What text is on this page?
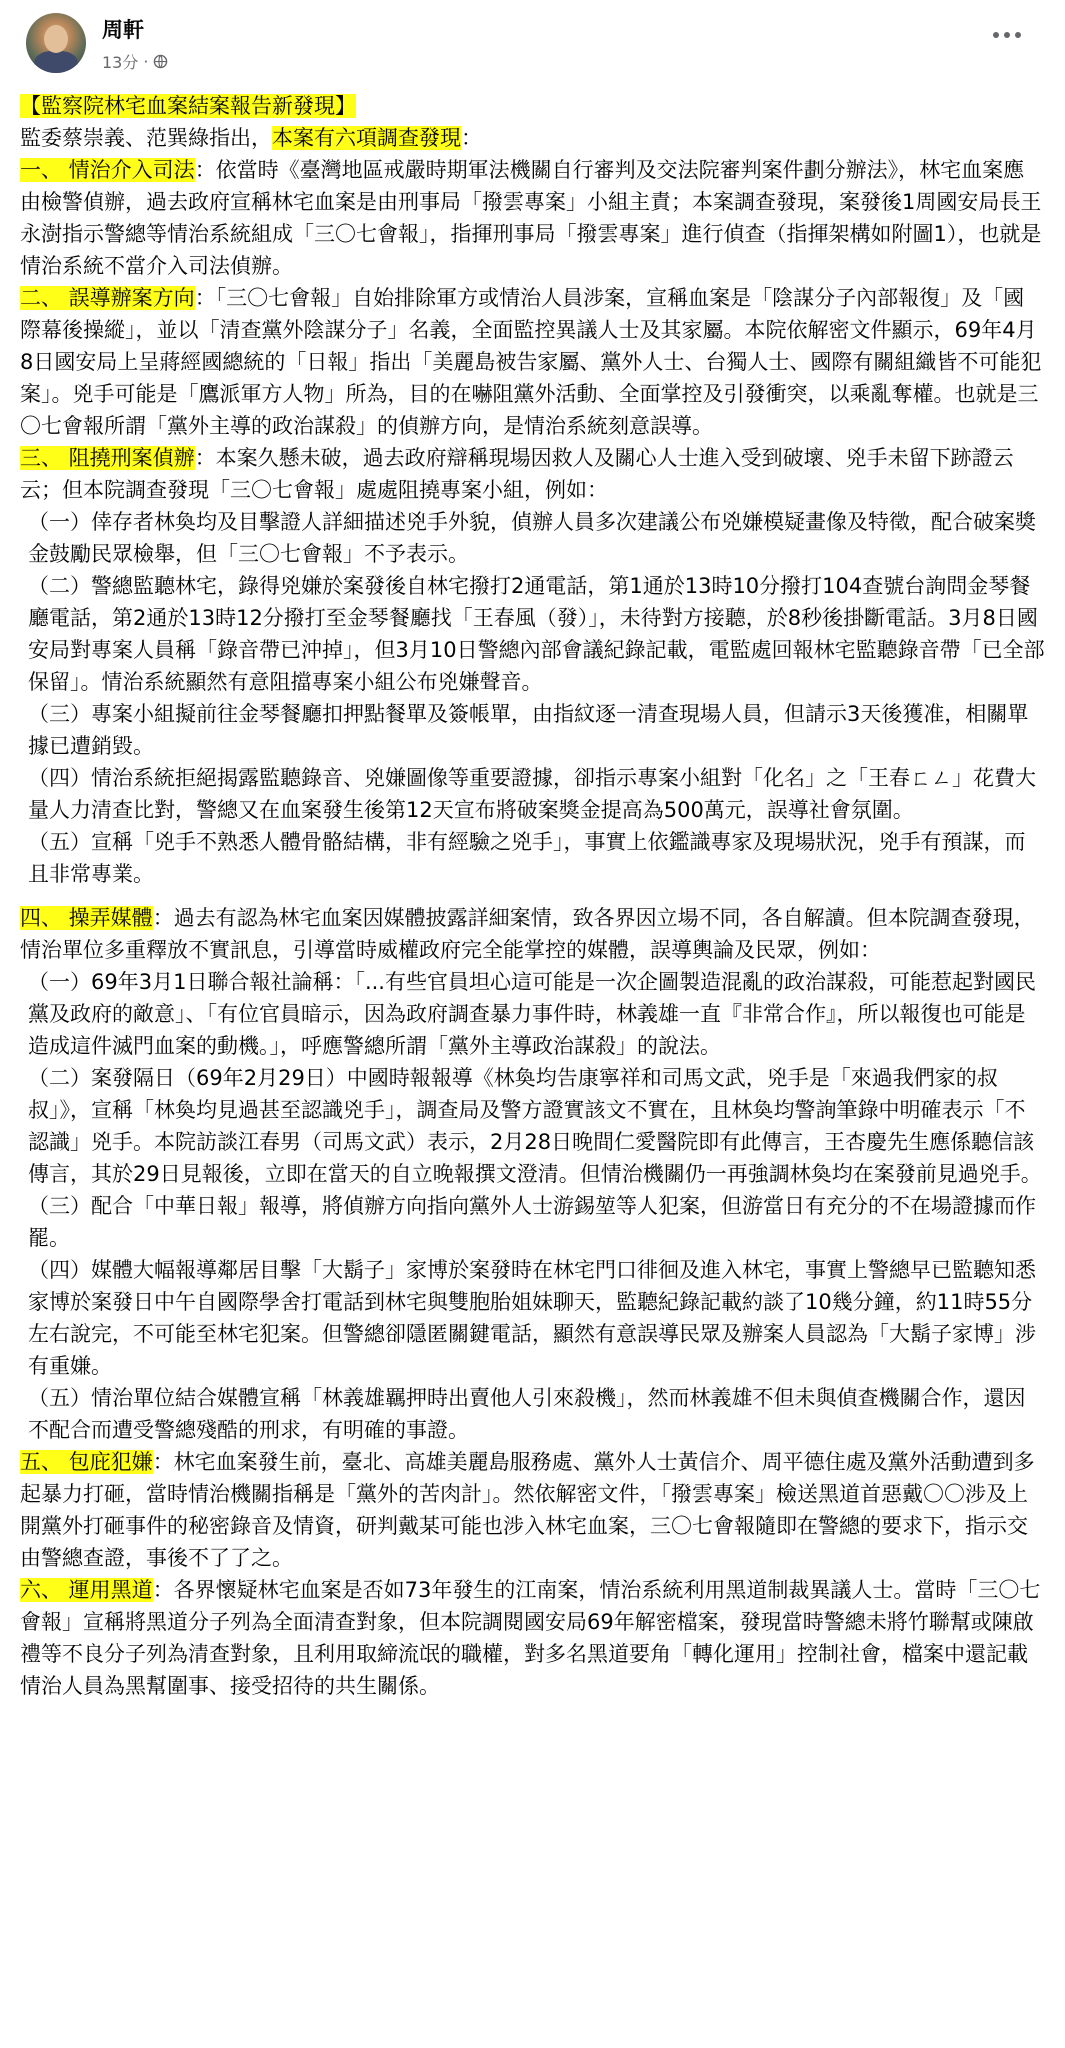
周軒
13分 ·

【監察院林宅血案結案報告新發現】

監委蔡崇義、范巽綠指出，本案有六項調查發現：

一、 情治介入司法：依當時《臺灣地區戒嚴時期軍法機關自行審判及交法院審判案件劃分辦法》，林宅血案應由檢警偵辦，過去政府宣稱林宅血案是由刑事局「撥雲專案」小組主責；本案調查發現，案發後1周國安局長王永澍指示警總等情治系統組成「三〇七會報」，指揮刑事局「撥雲專案」進行偵查（指揮架構如附圖1），也就是情治系統不當介入司法偵辦。

二、 誤導辦案方向：「三〇七會報」自始排除軍方或情治人員涉案，宣稱血案是「陰謀分子內部報復」及「國際幕後操縱」，並以「清查黨外陰謀分子」名義，全面監控異議人士及其家屬。本院依解密文件顯示，69年4月8日國安局上呈蔣經國總統的「日報」指出「美麗島被告家屬、黨外人士、台獨人士、國際有關組織皆不可能犯案」。兇手可能是「鷹派軍方人物」所為，目的在嚇阻黨外活動、全面掌控及引發衝突，以乘亂奪權。也就是三〇七會報所謂「黨外主導的政治謀殺」的偵辦方向，是情治系統刻意誤導。

三、 阻撓刑案偵辦：本案久懸未破，過去政府辯稱現場因救人及關心人士進入受到破壞、兇手未留下跡證云云；但本院調查發現「三〇七會報」處處阻撓專案小組，例如：

（一）倖存者林奐均及目擊證人詳細描述兇手外貌，偵辦人員多次建議公布兇嫌模疑畫像及特徵，配合破案獎金鼓勵民眾檢舉，但「三〇七會報」不予表示。

（二）警總監聽林宅，錄得兇嫌於案發後自林宅撥打2通電話，第1通於13時10分撥打104查號台詢問金琴餐廳電話，第2通於13時12分撥打至金琴餐廳找「王春風（發）」，未待對方接聽，於8秒後掛斷電話。3月8日國安局對專案人員稱「錄音帶已沖掉」，但3月10日警總內部會議紀錄記載，電監處回報林宅監聽錄音帶「已全部保留」。情治系統顯然有意阻擋專案小組公布兇嫌聲音。

（三）專案小組擬前往金琴餐廳扣押點餐單及簽帳單，由指紋逐一清查現場人員，但請示3天後獲准，相關單據已遭銷毀。

（四）情治系統拒絕揭露監聽錄音、兇嫌圖像等重要證據，卻指示專案小組對「化名」之「王春ㄈㄥ」花費大量人力清查比對，警總又在血案發生後第12天宣布將破案獎金提高為500萬元，誤導社會氛圍。

（五）宣稱「兇手不熟悉人體骨骼結構，非有經驗之兇手」，事實上依鑑識專家及現場狀況，兇手有預謀，而且非常專業。

四、 操弄媒體：過去有認為林宅血案因媒體披露詳細案情，致各界因立場不同，各自解讀。但本院調查發現，情治單位多重釋放不實訊息，引導當時威權政府完全能掌控的媒體，誤導輿論及民眾，例如：

（一）69年3月1日聯合報社論稱：「...有些官員坦心這可能是一次企圖製造混亂的政治謀殺，可能惹起對國民黨及政府的敵意」、「有位官員暗示，因為政府調查暴力事件時，林義雄一直『非常合作』，所以報復也可能是造成這件滅門血案的動機。」，呼應警總所謂「黨外主導政治謀殺」的說法。

（二）案發隔日（69年2月29日）中國時報報導《林奐均告康寧祥和司馬文武，兇手是「來過我們家的叔叔」》，宣稱「林奐均見過甚至認識兇手」，調查局及警方證實該文不實在，且林奐均警詢筆錄中明確表示「不認識」兇手。本院訪談江春男（司馬文武）表示，2月28日晚間仁愛醫院即有此傳言，王杏慶先生應係聽信該傳言，其於29日見報後，立即在當天的自立晚報撰文澄清。但情治機關仍一再強調林奐均在案發前見過兇手。

（三）配合「中華日報」報導，將偵辦方向指向黨外人士游錫堃等人犯案，但游當日有充分的不在場證據而作罷。

（四）媒體大幅報導鄰居目擊「大鬍子」家博於案發時在林宅門口徘徊及進入林宅，事實上警總早已監聽知悉家博於案發日中午自國際學舍打電話到林宅與雙胞胎姐妹聊天，監聽紀錄記載約談了10幾分鐘，約11時55分左右說完，不可能至林宅犯案。但警總卻隱匿關鍵電話，顯然有意誤導民眾及辦案人員認為「大鬍子家博」涉有重嫌。

（五）情治單位結合媒體宣稱「林義雄羈押時出賣他人引來殺機」，然而林義雄不但未與偵查機關合作，還因不配合而遭受警總殘酷的刑求，有明確的事證。

五、 包庇犯嫌：林宅血案發生前，臺北、高雄美麗島服務處、黨外人士黃信介、周平德住處及黨外活動遭到多起暴力打砸，當時情治機關指稱是「黨外的苦肉計」。然依解密文件，「撥雲專案」檢送黑道首惡戴〇〇涉及上開黨外打砸事件的秘密錄音及情資，研判戴某可能也涉入林宅血案，三〇七會報隨即在警總的要求下，指示交由警總查證，事後不了了之。

六、 運用黑道：各界懷疑林宅血案是否如73年發生的江南案，情治系統利用黑道制裁異議人士。當時「三〇七會報」宣稱將黑道分子列為全面清查對象，但本院調閱國安局69年解密檔案，發現當時警總未將竹聯幫或陳啟禮等不良分子列為清查對象，且利用取締流氓的職權，對多名黑道要角「轉化運用」控制社會，檔案中還記載情治人員為黑幫圍事、接受招待的共生關係。
